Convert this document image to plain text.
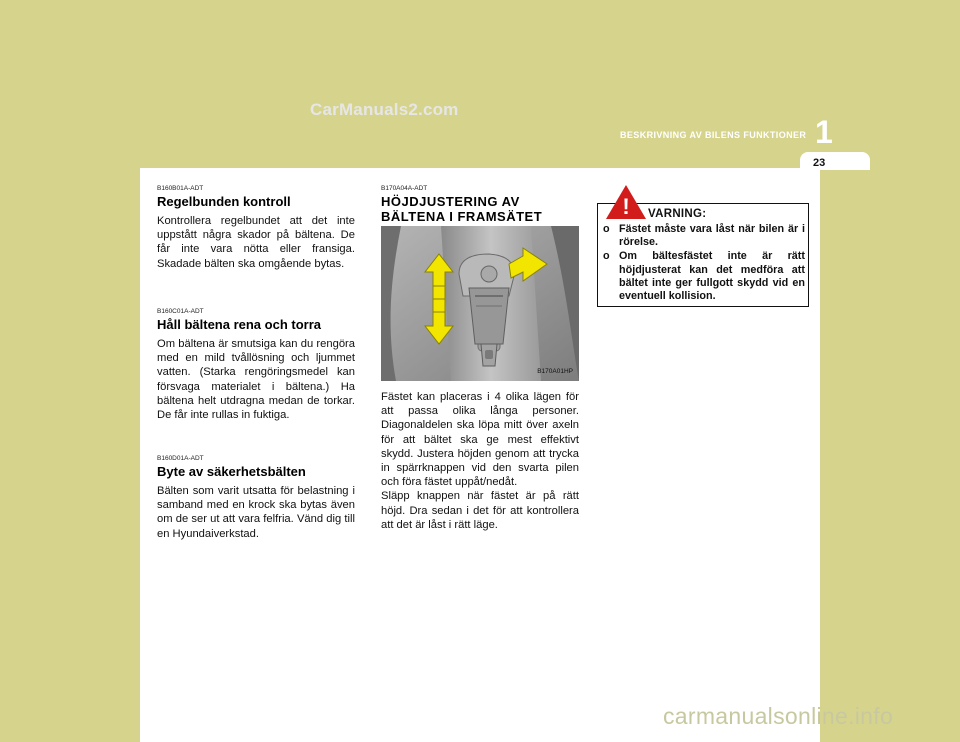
CarManuals2.com
BESKRIVNING AV BILENS FUNKTIONER 1
23
B160B01A-ADT
Regelbunden kontroll
Kontrollera regelbundet att det inte uppstått några skador på bältena. De får inte vara nötta eller fransiga. Skadade bälten ska omgående bytas.
B160C01A-ADT
Håll bältena rena och torra
Om bältena är smutsiga kan du rengöra med en mild tvållösning och ljummet vatten. (Starka rengöringsmedel kan försvaga materialet i bältena.) Ha bältena helt utdragna medan de torkar. De får inte rullas in fuktiga.
B160D01A-ADT
Byte av säkerhetsbälten
Bälten som varit utsatta för belastning i samband med en krock ska bytas även om de ser ut att vara felfria. Vänd dig till en Hyundaiverkstad.
B170A04A-ADT
HÖJDJUSTERING AV
BÄLTENA I FRAMSÄTET
B170A01HP
Fästet kan placeras i 4 olika lägen för att passa olika långa personer. Diagonaldelen ska löpa mitt över axeln för att bältet ska ge mest effektivt skydd. Justera höjden genom att trycka in spärrknappen vid den svarta pilen och föra fästet uppåt/nedåt.
Släpp knappen när fästet är på rätt höjd. Dra sedan i det för att kontrollera att det är låst i rätt läge.
! VARNING:
o Fästet måste vara låst när bilen är i rörelse.
o Om bältesfästet inte är rätt höjdjusterat kan det medföra att bältet inte ger fullgott skydd vid en eventuell kollision.
carmanualsonline.info
